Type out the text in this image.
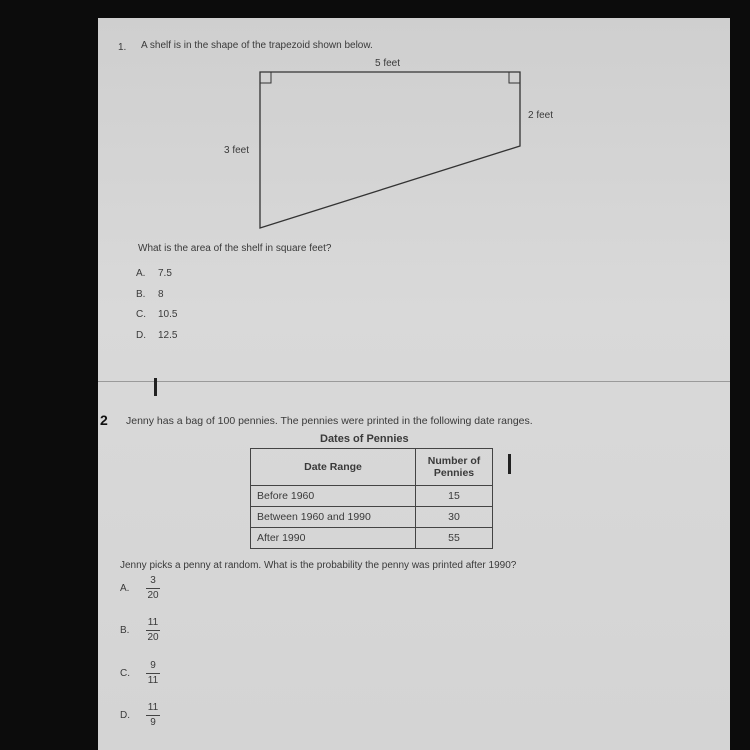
1. A shelf is in the shape of the trapezoid shown below.
5 feet
2 feet
3 feet
What is the area of the shelf in square feet?
A. 7.5
B. 8
C. 10.5
D. 12.5
2 Jenny has a bag of 100 pennies. The pennies were printed in the following date ranges.
Dates of Pennies
Date Range	Number of Pennies
Before 1960	15
Between 1960 and 1990	30
After 1990	55
Jenny picks a penny at random. What is the probability the penny was printed after 1990?
A.
3
20
B.
11
20
C.
9
11
D.
11
9
